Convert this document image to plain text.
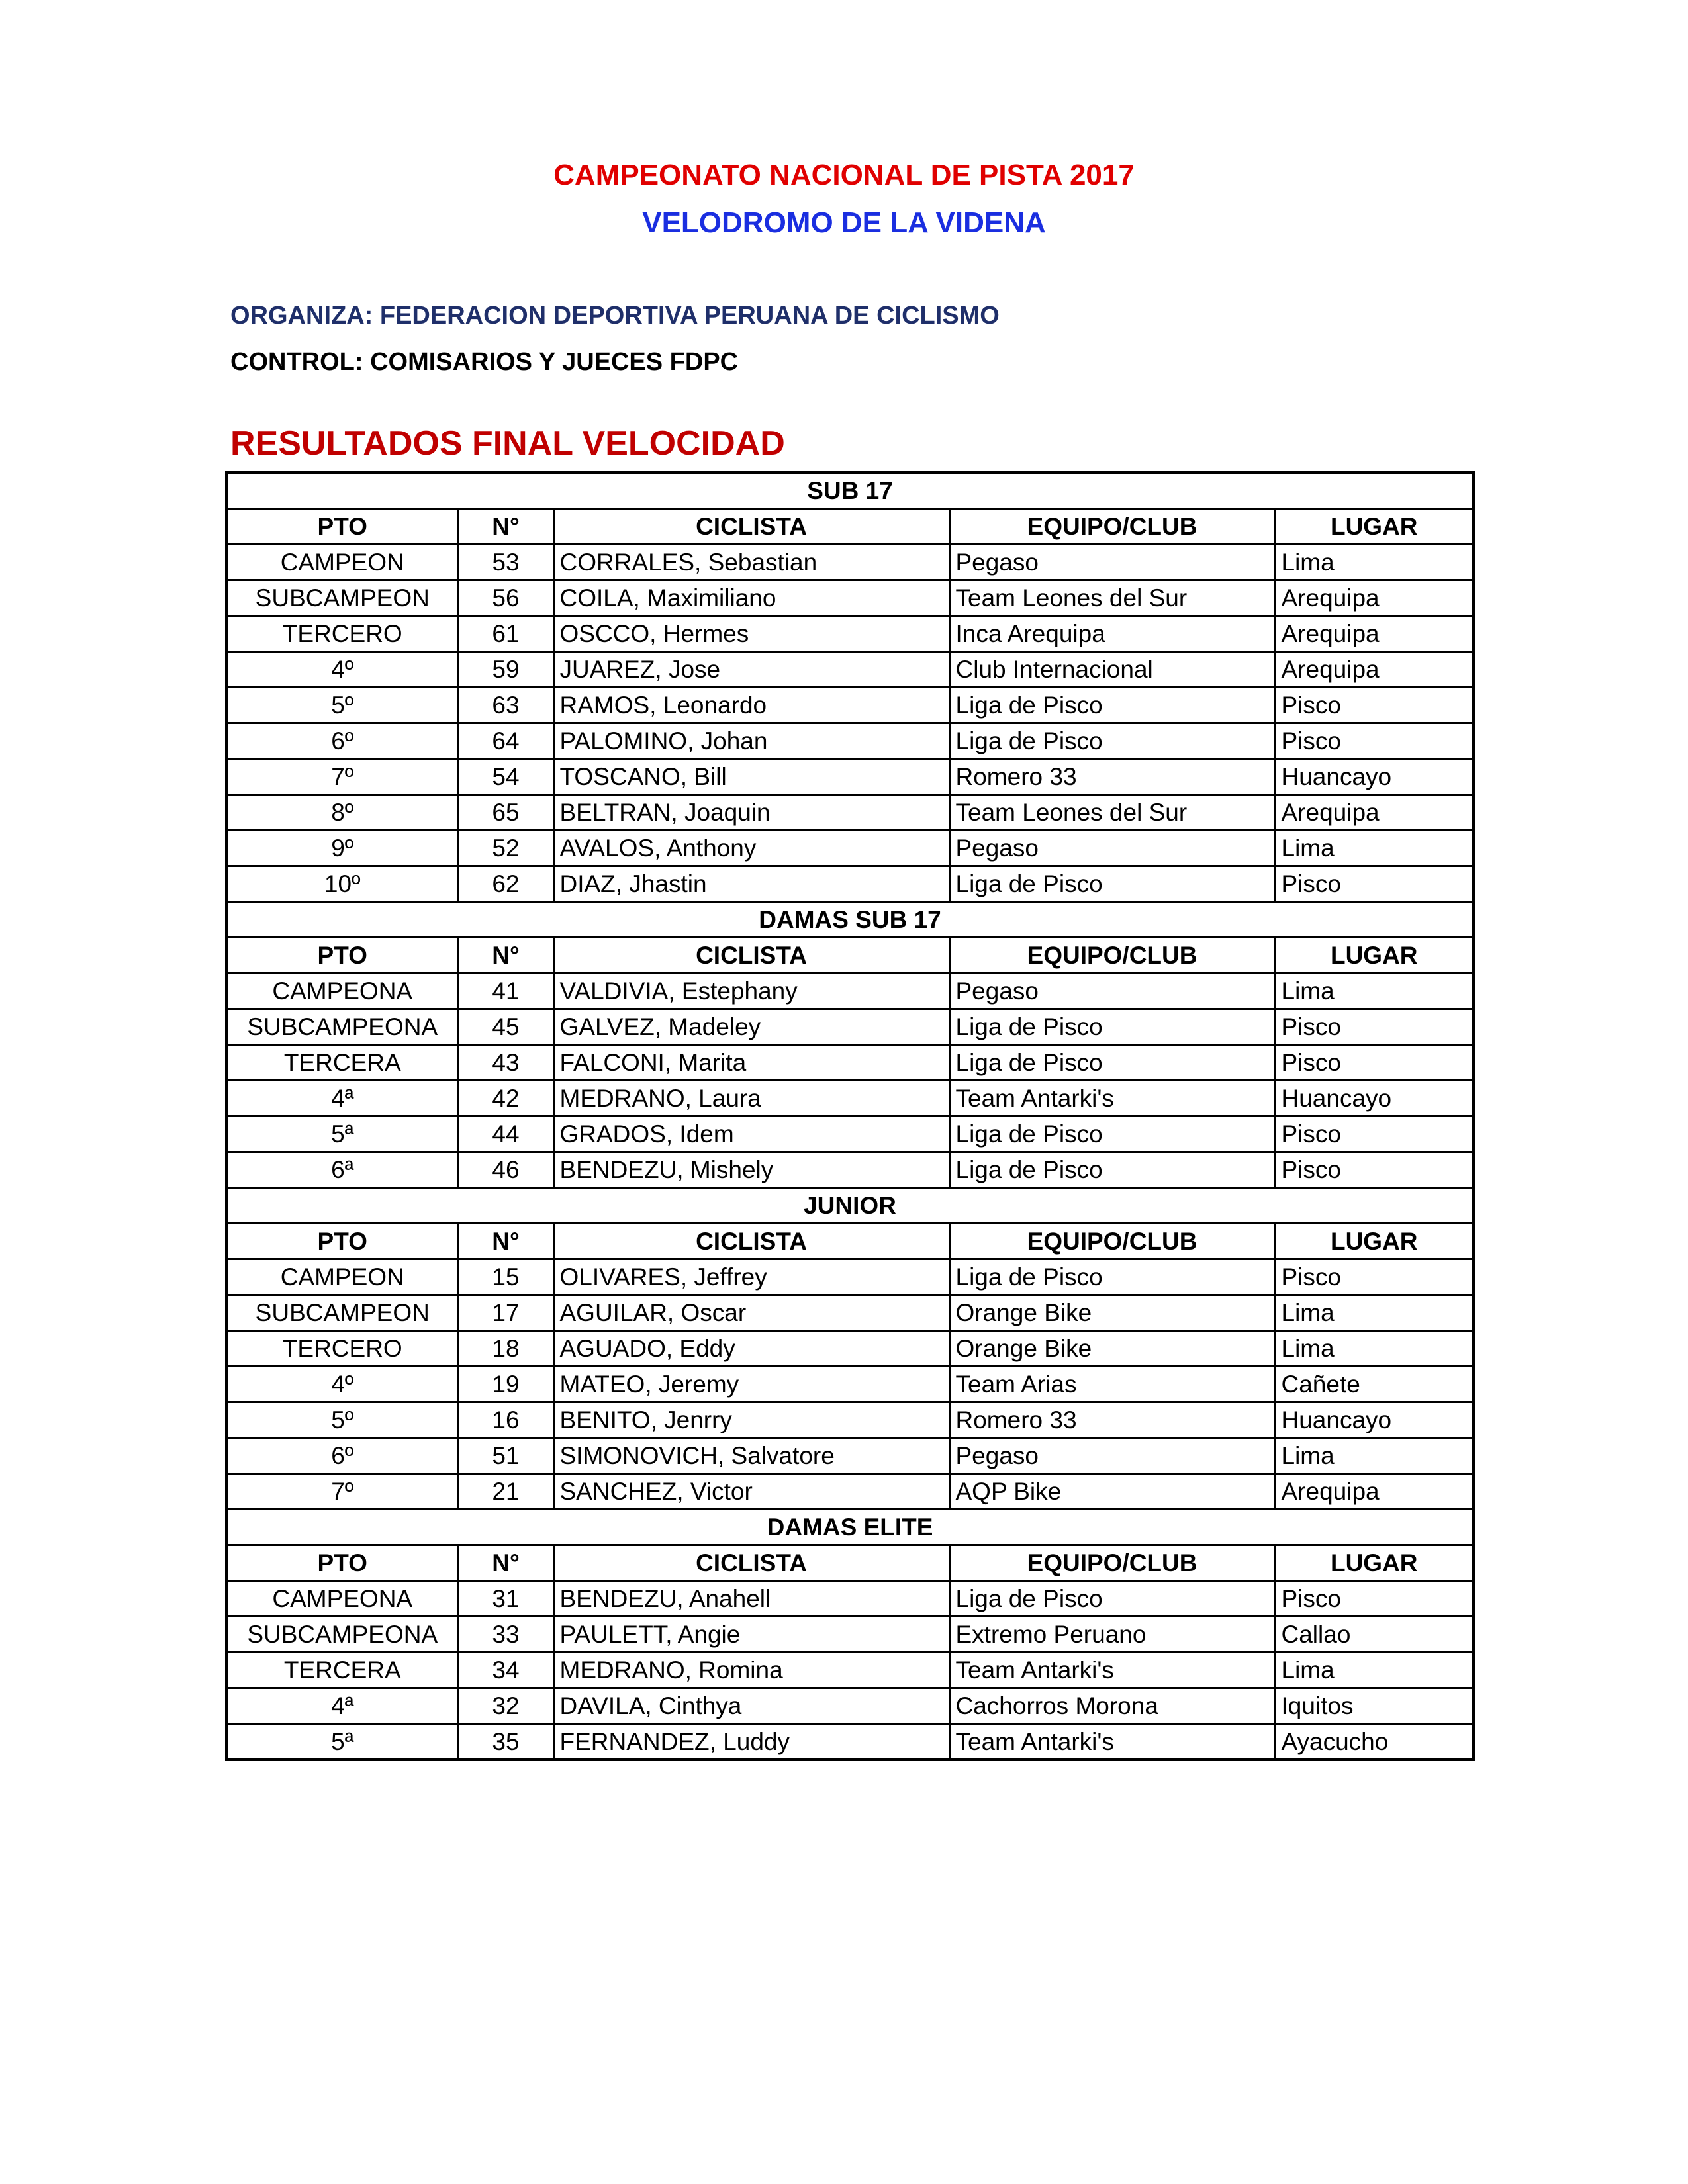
CAMPEONATO NACIONAL DE PISTA 2017
VELODROMO DE LA VIDENA
ORGANIZA: FEDERACION DEPORTIVA PERUANA DE CICLISMO
CONTROL: COMISARIOS Y JUECES FDPC
RESULTADOS FINAL VELOCIDAD
SUB 17				
PTO	N°	CICLISTA	EQUIPO/CLUB	LUGAR
CAMPEON	53	CORRALES, Sebastian	Pegaso	Lima
SUBCAMPEON	56	COILA, Maximiliano	Team Leones del Sur	Arequipa
TERCERO	61	OSCCO, Hermes	Inca Arequipa	Arequipa
4º	59	JUAREZ, Jose	Club Internacional	Arequipa
5º	63	RAMOS, Leonardo	Liga de Pisco	Pisco
6º	64	PALOMINO, Johan	Liga de Pisco	Pisco
7º	54	TOSCANO, Bill	Romero 33	Huancayo
8º	65	BELTRAN, Joaquin	Team Leones del Sur	Arequipa
9º	52	AVALOS, Anthony	Pegaso	Lima
10º	62	DIAZ, Jhastin	Liga de Pisco	Pisco
DAMAS SUB 17				
PTO	N°	CICLISTA	EQUIPO/CLUB	LUGAR
CAMPEONA	41	VALDIVIA, Estephany	Pegaso	Lima
SUBCAMPEONA	45	GALVEZ, Madeley	Liga de Pisco	Pisco
TERCERA	43	FALCONI, Marita	Liga de Pisco	Pisco
4ª	42	MEDRANO, Laura	Team Antarki's	Huancayo
5ª	44	GRADOS, Idem	Liga de Pisco	Pisco
6ª	46	BENDEZU, Mishely	Liga de Pisco	Pisco
JUNIOR				
PTO	N°	CICLISTA	EQUIPO/CLUB	LUGAR
CAMPEON	15	OLIVARES, Jeffrey	Liga de Pisco	Pisco
SUBCAMPEON	17	AGUILAR, Oscar	Orange Bike	Lima
TERCERO	18	AGUADO, Eddy	Orange Bike	Lima
4º	19	MATEO, Jeremy	Team Arias	Cañete
5º	16	BENITO, Jenrry	Romero 33	Huancayo
6º	51	SIMONOVICH, Salvatore	Pegaso	Lima
7º	21	SANCHEZ, Victor	AQP Bike	Arequipa
DAMAS ELITE				
PTO	N°	CICLISTA	EQUIPO/CLUB	LUGAR
CAMPEONA	31	BENDEZU, Anahell	Liga de Pisco	Pisco
SUBCAMPEONA	33	PAULETT, Angie	Extremo Peruano	Callao
TERCERA	34	MEDRANO, Romina	Team Antarki's	Lima
4ª	32	DAVILA, Cinthya	Cachorros Morona	Iquitos
5ª	35	FERNANDEZ, Luddy	Team Antarki's	Ayacucho
